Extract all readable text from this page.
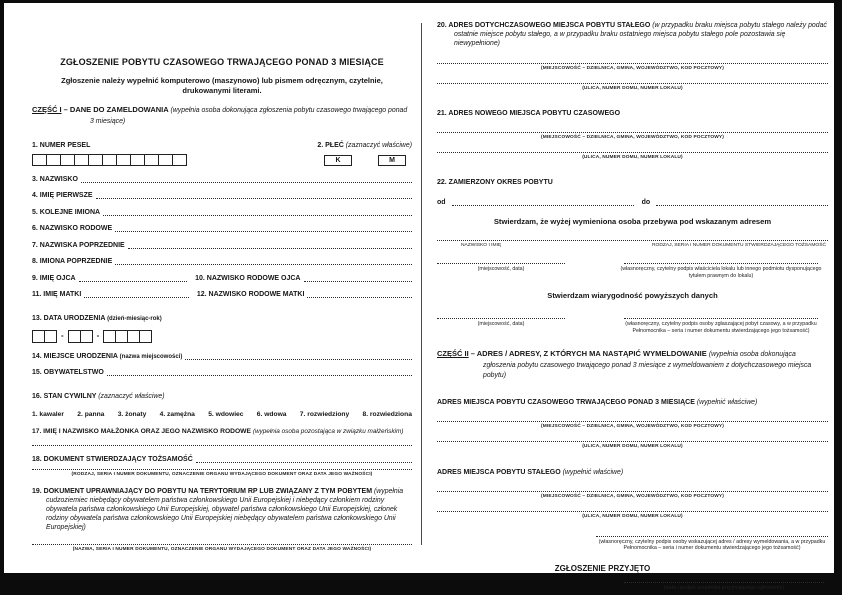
ZGŁOSZENIE POBYTU CZASOWEGO TRWAJĄCEGO PONAD 3 MIESIĄCE
Zgłoszenie należy wypełnić komputerowo (maszynowo) lub pismem odręcznym, czytelnie, drukowanymi literami.
CZĘŚĆ I – DANE DO ZAMELDOWANIA (wypełnia osoba dokonująca zgłoszenia pobytu czasowego trwającego ponad 3 miesiące)
1. NUMER PESEL	2. PŁEĆ (zaznaczyć właściwe)
K	M
3. NAZWISKO
4. IMIĘ PIERWSZE
5. KOLEJNE IMIONA
6. NAZWISKO RODOWE
7. NAZWISKA POPRZEDNIE
8. IMIONA POPRZEDNIE
9. IMIĘ OJCA	10. NAZWISKO RODOWE OJCA
11. IMIĘ MATKI	12. NAZWISKO RODOWE MATKI
13. DATA URODZENIA (dzień-miesiąc-rok)
-	-
14. MIEJSCE URODZENIA (nazwa miejscowości)
15. OBYWATELSTWO
16. STAN CYWILNY (zaznaczyć właściwe)
1. kawaler 2. panna 3. żonaty 4. zamężna 5. wdowiec 6. wdowa 7. rozwiedziony 8. rozwiedziona
17. IMIĘ I NAZWISKO MAŁŻONKA ORAZ JEGO NAZWISKO RODOWE (wypełnia osoba pozostająca w związku małżeńskim)
18. DOKUMENT STWIERDZAJĄCY TOŻSAMOŚĆ
(RODZAJ, SERIA I NUMER DOKUMENTU, OZNACZENIE ORGANU WYDAJĄCEGO DOKUMENT ORAZ DATA JEGO WAŻNOŚCI)
19. DOKUMENT UPRAWNIAJĄCY DO POBYTU NA TERYTORIUM RP LUB ZWIĄZANY Z TYM POBYTEM (wypełnia cudzoziemiec niebędący obywatelem państwa członkowskiego Unii Europejskiej i niebędący członkiem rodziny obywatela państwa członkowskiego Unii Europejskiej, obywatel państwa członkowskiego Unii Europejskiej, członek rodziny obywatela państwa członkowskiego Unii Europejskiej niebędący obywatelem państwa członkowskiego Unii Europejskiej)
(NAZWA, SERIA I NUMER DOKUMENTU, OZNACZENIE ORGANU WYDAJĄCEGO DOKUMENT ORAZ DATA JEGO WAŻNOŚCI)
20. ADRES DOTYCHCZASOWEGO MIEJSCA POBYTU STAŁEGO (w przypadku braku miejsca pobytu stałego należy podać ostatnie miejsce pobytu stałego, a w przypadku braku ostatniego miejsca pobytu stałego pole pozostawia się niewypełnione)
(MIEJSCOWOŚĆ – DZIELNICA, GMINA, WOJEWÓDZTWO, KOD POCZTOWY)
(ULICA, NUMER DOMU, NUMER LOKALU)
21. ADRES NOWEGO MIEJSCA POBYTU CZASOWEGO
(MIEJSCOWOŚĆ – DZIELNICA, GMINA, WOJEWÓDZTWO, KOD POCZTOWY)
(ULICA, NUMER DOMU, NUMER LOKALU)
22. ZAMIERZONY OKRES POBYTU
od	do
Stwierdzam, że wyżej wymieniona osoba przebywa pod wskazanym adresem
NAZWISKO I IMIĘ	RODZAJ, SERIA I NUMER DOKUMENTU STWIERDZAJĄCEGO TOŻSAMOŚĆ
(miejscowość, data)	(własnoręczny, czytelny podpis właściciela lokalu lub innego podmiotu dysponującego tytułem prawnym do lokalu)
Stwierdzam wiarygodność powyższych danych
(miejscowość, data)	(własnoręczny, czytelny podpis osoby zgłaszającej pobyt czasowy, a w przypadku Pełnomocnika – seria i numer dokumentu stwierdzającego jego tożsamość)
CZĘŚĆ II – ADRES / ADRESY, Z KTÓRYCH MA NASTĄPIĆ WYMELDOWANIE (wypełnia osoba dokonująca zgłoszenia pobytu czasowego trwającego ponad 3 miesiące z wymeldowaniem z dotychczasowego miejsca pobytu)
ADRES MIEJSCA POBYTU CZASOWEGO TRWAJĄCEGO PONAD 3 MIESIĄCE (wypełnić właściwe)
(MIEJSCOWOŚĆ – DZIELNICA, GMINA, WOJEWÓDZTWO, KOD POCZTOWY)
(ULICA, NUMER DOMU, NUMER LOKALU)
ADRES MIEJSCA POBYTU STAŁEGO (wypełnić właściwe)
(MIEJSCOWOŚĆ – DZIELNICA, GMINA, WOJEWÓDZTWO, KOD POCZTOWY)
(ULICA, NUMER DOMU, NUMER LOKALU)
(własnoręczny, czytelny podpis osoby wskazującej adres / adresy wymeldowania, a w przypadku Pełnomocnika – seria i numer dokumentu stwierdzającego jego tożsamość)
ZGŁOSZENIE PRZYJĘTO
(data i podpis urzędnika przyjmującego zgłoszenie)
